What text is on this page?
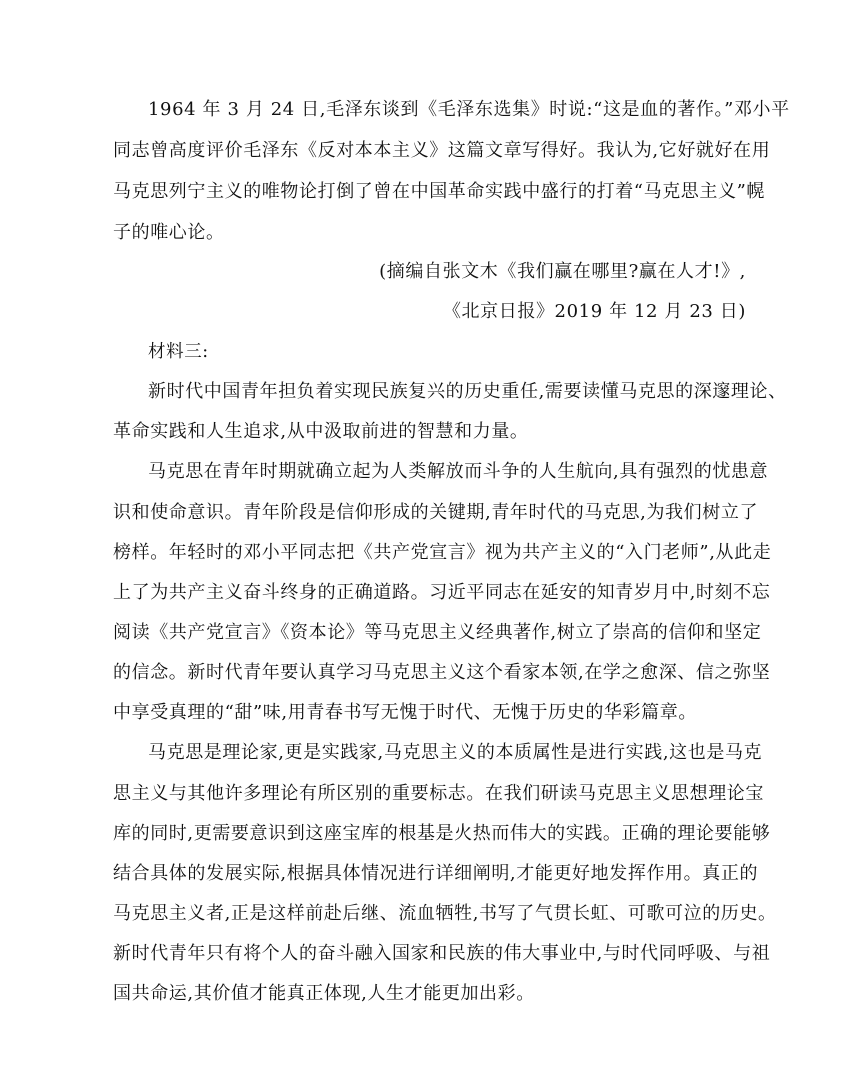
1964 年 3 月 24 日,毛泽东谈到《毛泽东选集》时说:“这是血的著作。”邓小平
同志曾高度评价毛泽东《反对本本主义》这篇文章写得好。我认为,它好就好在用
马克思列宁主义的唯物论打倒了曾在中国革命实践中盛行的打着“马克思主义”幌
子的唯心论。
(摘编自张文木《我们赢在哪里?赢在人才!》,
《北京日报》2019 年 12 月 23 日)
材料三:
新时代中国青年担负着实现民族复兴的历史重任,需要读懂马克思的深邃理论、
革命实践和人生追求,从中汲取前进的智慧和力量。
马克思在青年时期就确立起为人类解放而斗争的人生航向,具有强烈的忧患意
识和使命意识。青年阶段是信仰形成的关键期,青年时代的马克思,为我们树立了
榜样。年轻时的邓小平同志把《共产党宣言》视为共产主义的“入门老师”,从此走
上了为共产主义奋斗终身的正确道路。习近平同志在延安的知青岁月中,时刻不忘
阅读《共产党宣言》《资本论》等马克思主义经典著作,树立了崇高的信仰和坚定
的信念。新时代青年要认真学习马克思主义这个看家本领,在学之愈深、信之弥坚
中享受真理的“甜”味,用青春书写无愧于时代、无愧于历史的华彩篇章。
马克思是理论家,更是实践家,马克思主义的本质属性是进行实践,这也是马克
思主义与其他许多理论有所区别的重要标志。在我们研读马克思主义思想理论宝
库的同时,更需要意识到这座宝库的根基是火热而伟大的实践。正确的理论要能够
结合具体的发展实际,根据具体情况进行详细阐明,才能更好地发挥作用。真正的
马克思主义者,正是这样前赴后继、流血牺牲,书写了气贯长虹、可歌可泣的历史。
新时代青年只有将个人的奋斗融入国家和民族的伟大事业中,与时代同呼吸、与祖
国共命运,其价值才能真正体现,人生才能更加出彩。
